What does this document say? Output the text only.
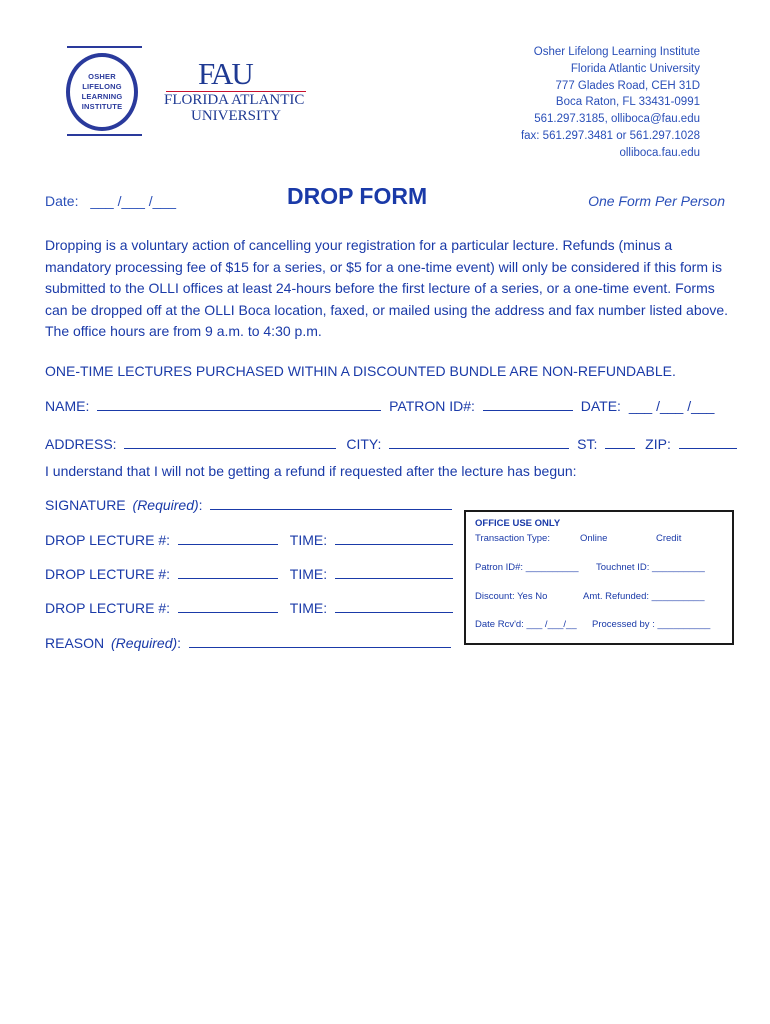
OSHER
LIFELONG
LEARNING
INSTITUTE
FAU
FLORIDA ATLANTIC
UNIVERSITY
Osher Lifelong Learning Institute
Florida Atlantic University
777 Glades Road, CEH 31D
Boca Raton, FL 33431-0991
561.297.3185, olliboca@fau.edu
fax: 561.297.3481 or 561.297.1028
olliboca.fau.edu
Date: ___ /___ /___	DROP FORM	One Form Per Person
Dropping is a voluntary action of cancelling your registration for a particular lecture. Refunds (minus a mandatory processing fee of $15 for a series, or $5 for a one-time event) will only be considered if this form is submitted to the OLLI offices at least 24-hours before the first lecture of a series, or a one-time event. Forms can be dropped off at the OLLI Boca location, faxed, or mailed using the address and fax number listed above. The office hours are from 9 a.m. to 4:30 p.m.
ONE-TIME LECTURES PURCHASED WITHIN A DISCOUNTED BUNDLE ARE NON-REFUNDABLE.
NAME:	PATRON ID#:	DATE: ___ /___ /___
ADDRESS:	CITY:	ST:	ZIP:
I understand that I will not be getting a refund if requested after the lecture has begun:
SIGNATURE (Required):
DROP LECTURE #:	TIME:
DROP LECTURE #:	TIME:
DROP LECTURE #:	TIME:
REASON (Required):
OFFICE USE ONLY
Transaction Type:	Online	Credit
Patron ID#: __________ Touchnet ID: __________
Discount: Yes No	Amt. Refunded: __________
Date Rcv'd: ___ /___/__ Processed by : __________
